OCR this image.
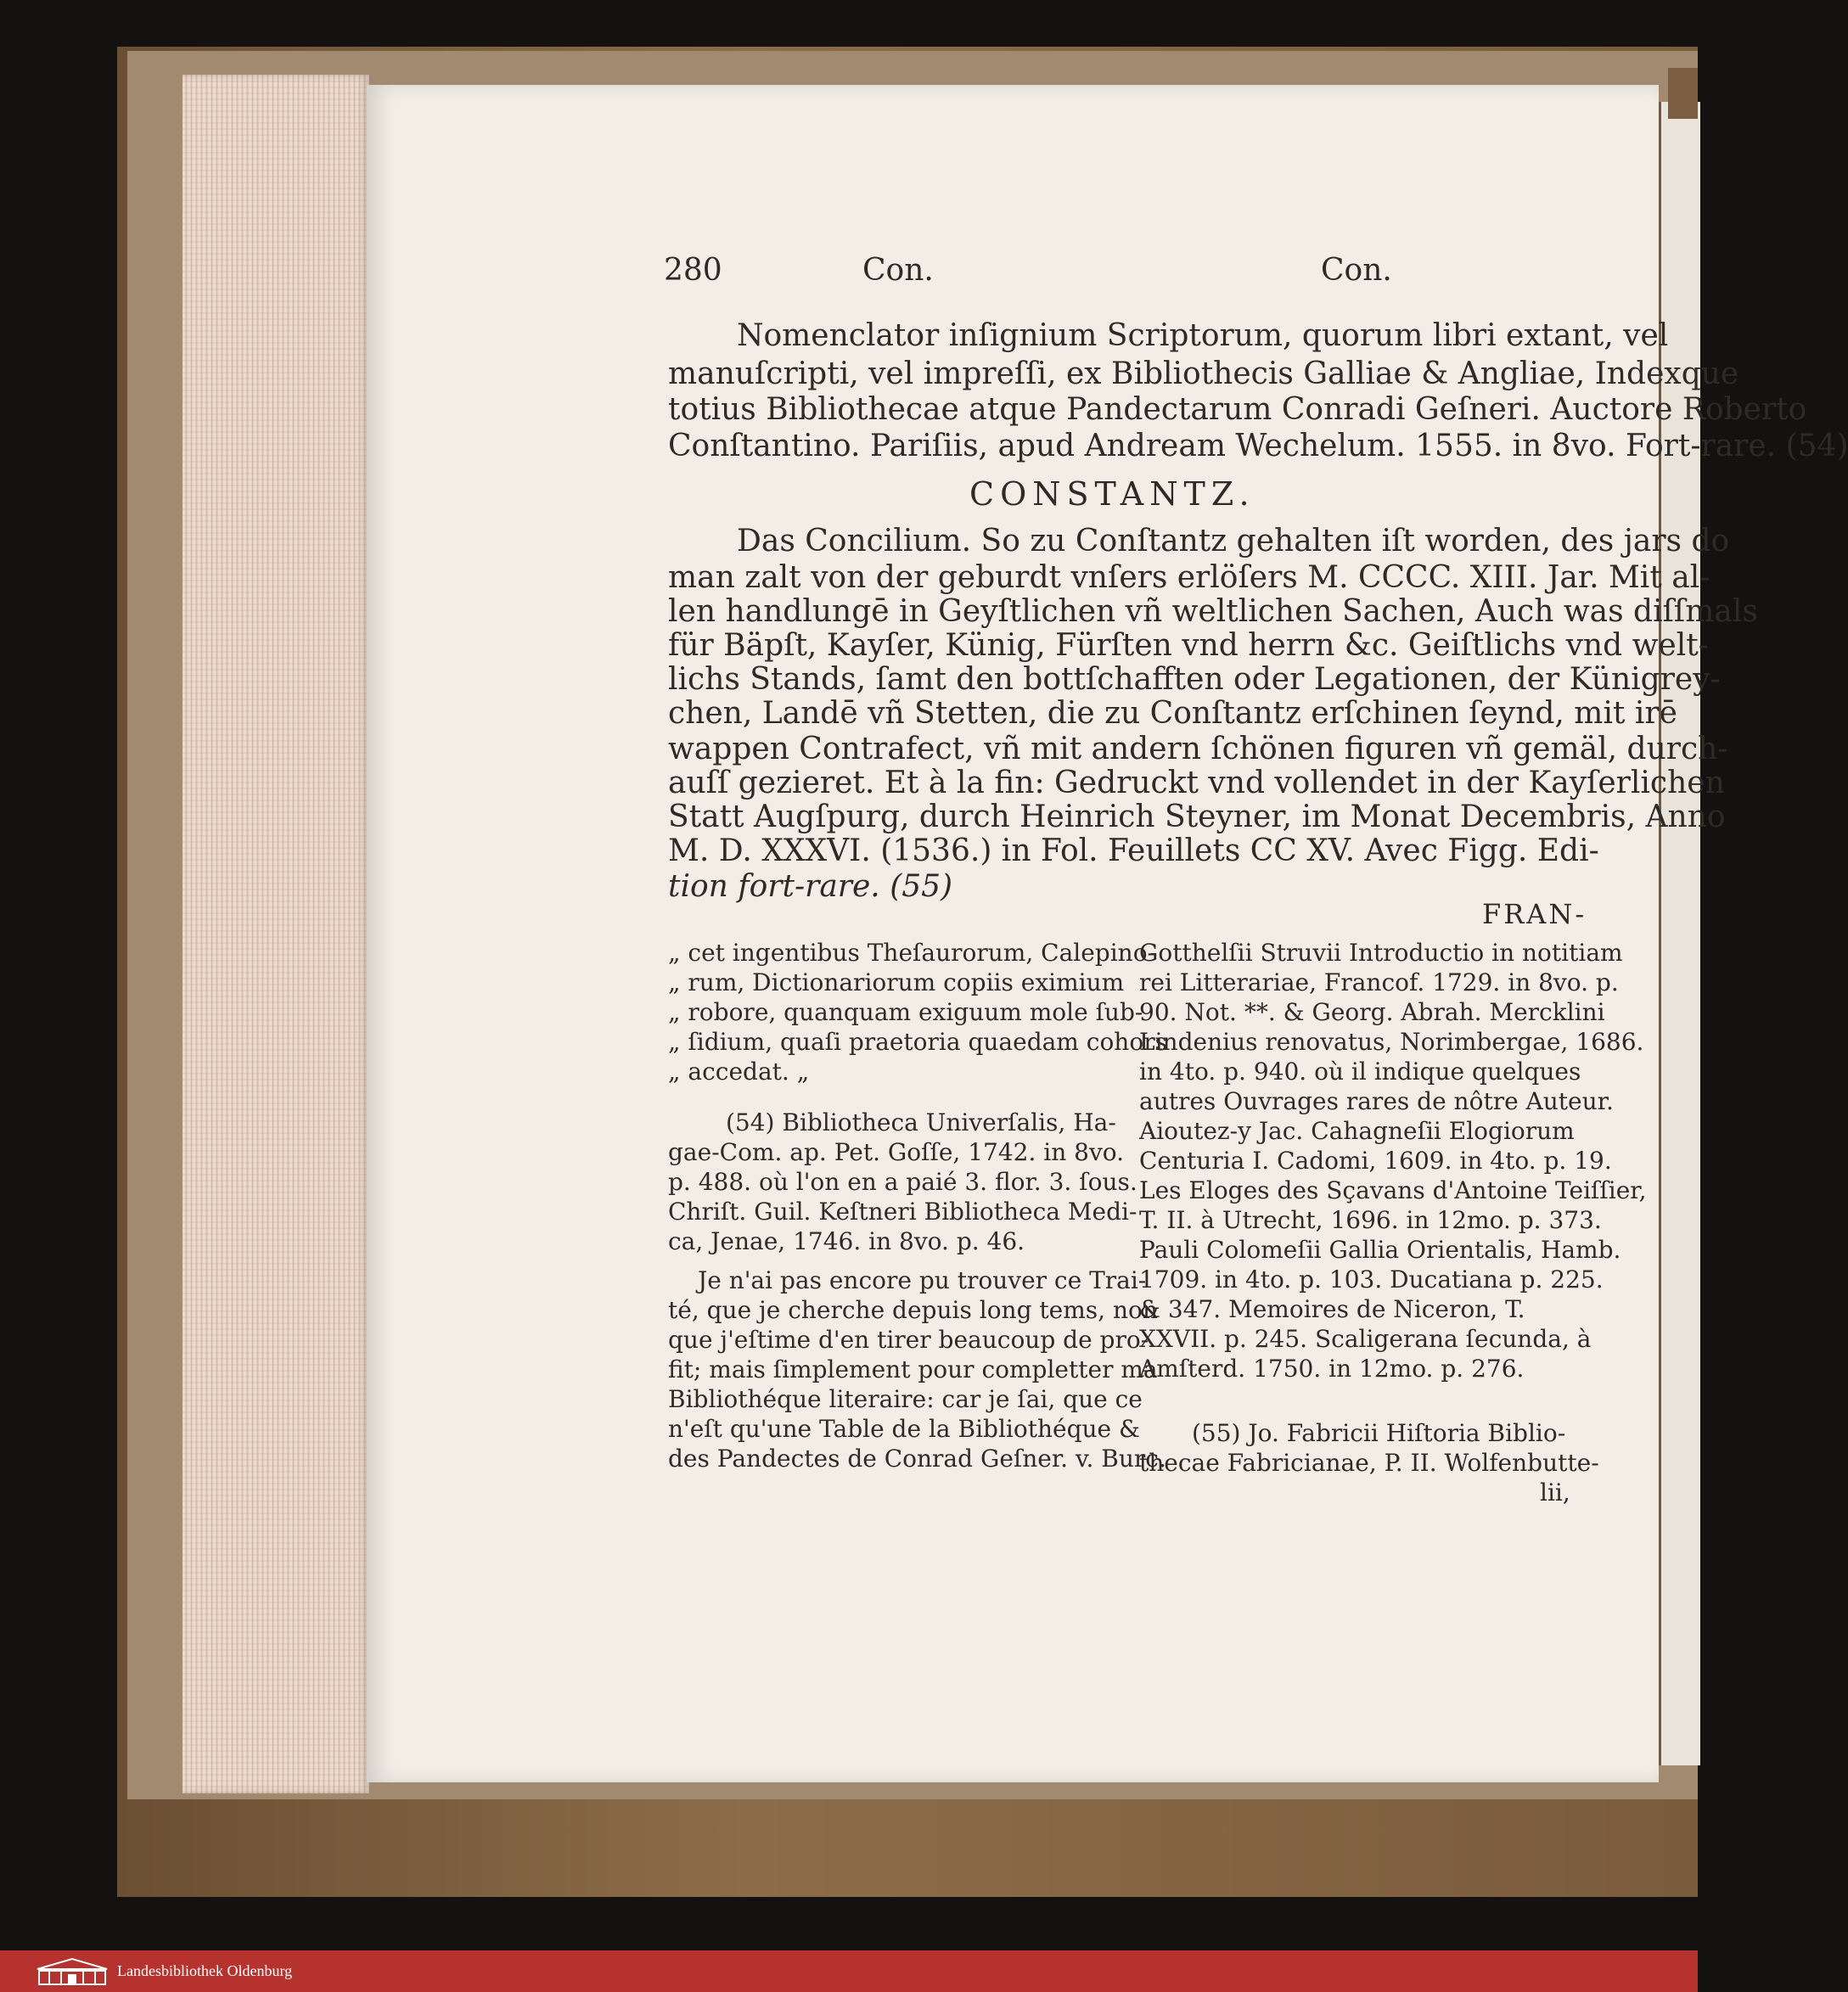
280	Con.	Con.
Nomenclator inſignium Scriptorum, quorum libri extant, vel
manuſcripti, vel impreſſi, ex Bibliothecis Galliae & Angliae, Indexque
totius Bibliothecae atque Pandectarum Conradi Geſneri. Auctore Roberto
Conſtantino. Pariſiis, apud Andream Wechelum. 1555. in 8vo. Fort-rare. (54)
CONSTANTZ.
Das Concilium. So zu Conſtantz gehalten iſt worden, des jars do
man zalt von der geburdt vnſers erlöſers M. CCCC. XIII. Jar. Mit al-
len handlungē in Geyſtlichen vñ weltlichen Sachen, Auch was diſſmals
für Bäpſt, Kayſer, Künig, Fürſten vnd herrn &c. Geiſtlichs vnd welt-
lichs Stands, ſamt den bottſchafften oder Legationen, der Künigrey-
chen, Landē vñ Stetten, die zu Conſtantz erſchinen ſeynd, mit irē
wappen Contrafect, vñ mit andern ſchönen figuren vñ gemäl, durch-
auſſ gezieret. Et à la fin: Gedruckt vnd vollendet in der Kayſerlichen
Statt Augſpurg, durch Heinrich Steyner, im Monat Decembris, Anno
M. D. XXXVI. (1536.) in Fol. Feuillets CC XV. Avec Figg. Edi-
tion fort-rare. (55)
FRAN-
„ cet ingentibus Theſaurorum, Calepino-
„ rum, Dictionariorum copiis eximium
„ robore, quanquam exiguum mole ſub-
„ ſidium, quaſi praetoria quaedam cohors
„ accedat. „
(54) Bibliotheca Univerſalis, Ha-
gae-Com. ap. Pet. Goſſe, 1742. in 8vo.
p. 488. où l'on en a paié 3. flor. 3. ſous.
Chriſt. Guil. Keſtneri Bibliotheca Medi-
ca, Jenae, 1746. in 8vo. p. 46.
Je n'ai pas encore pu trouver ce Trai-
té, que je cherche depuis long tems, non
que j'eſtime d'en tirer beaucoup de pro-
fit; mais ſimplement pour completter ma
Bibliothéque literaire: car je ſai, que ce
n'eſt qu'une Table de la Bibliothéque &
des Pandectes de Conrad Geſner. v. Burc.
Gotthelſii Struvii Introductio in notitiam
rei Litterariae, Francof. 1729. in 8vo. p.
90. Not. **. & Georg. Abrah. Mercklini
Lindenius renovatus, Norimbergae, 1686.
in 4to. p. 940. où il indique quelques
autres Ouvrages rares de nôtre Auteur.
Aioutez-y Jac. Cahagneſii Elogiorum
Centuria I. Cadomi, 1609. in 4to. p. 19.
Les Eloges des Sçavans d'Antoine Teiſſier,
T. II. à Utrecht, 1696. in 12mo. p. 373.
Pauli Colomeſii Gallia Orientalis, Hamb.
1709. in 4to. p. 103. Ducatiana p. 225.
& 347. Memoires de Niceron, T.
XXVII. p. 245. Scaligerana ſecunda, à
Amſterd. 1750. in 12mo. p. 276.
(55) Jo. Fabricii Hiſtoria Biblio-
thecae Fabricianae, P. II. Wolfenbutte-
lii,
Landesbibliothek Oldenburg
